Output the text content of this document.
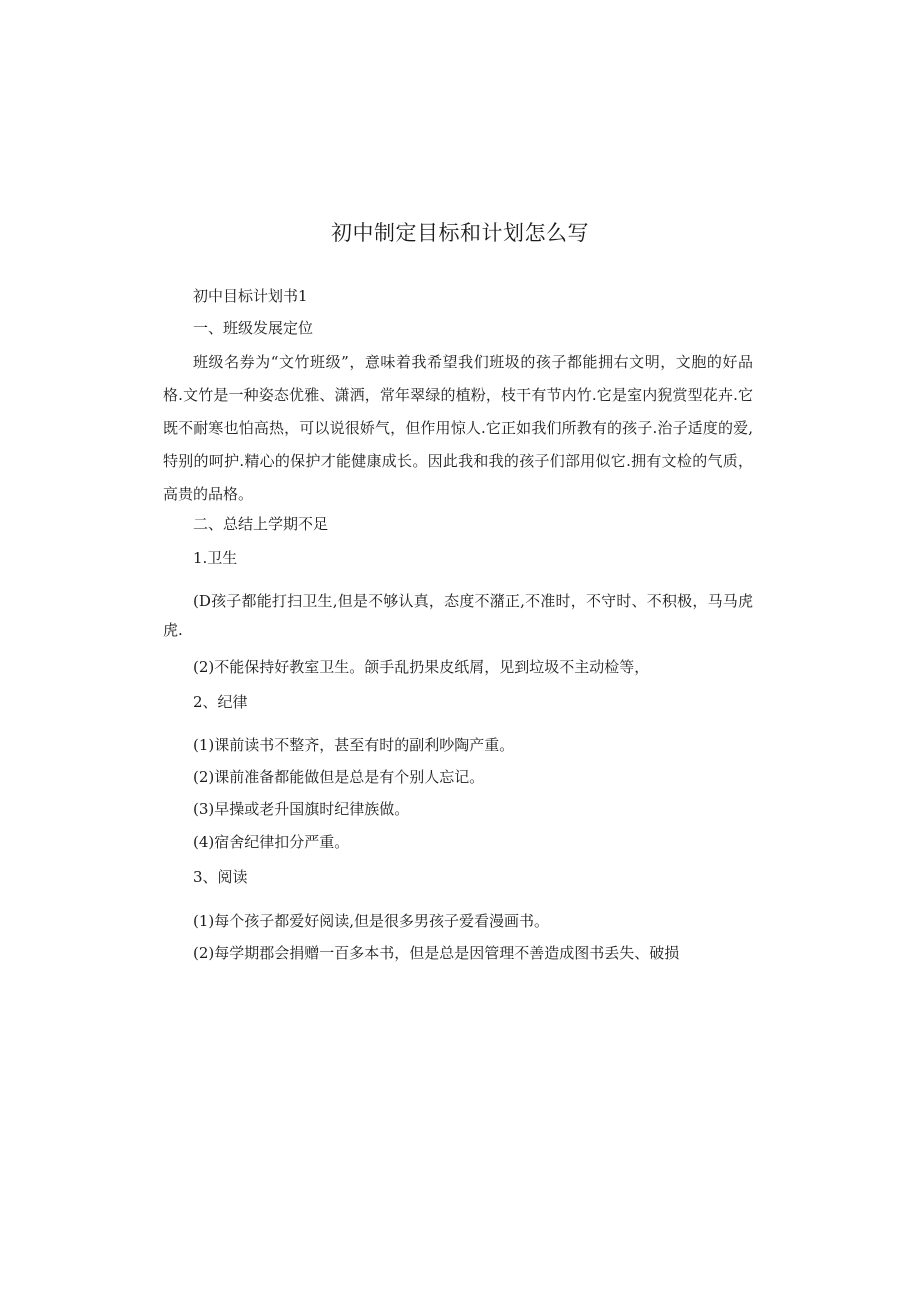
初中制定目标和计划怎么写
初中目标计划书1
一、班级发展定位
班级名券为“文竹班级”，意味着我希望我们班圾的孩子都能拥右文明，文胞的好品格.文竹是一种姿态优雅、潇洒，常年翠绿的植粉，枝干有节内竹.它是室内猊赏型花卉.它既不耐寒也怕高热，可以说很娇气，但作用惊人.它正如我们所教有的孩子.治子适度的爱,特别的呵护.精心的保护才能健康成长。因此我和我的孩子们部用似它.拥有文检的气质，高贵的品格。
二、总结上学期不足
1.卫生
(D孩子都能打扫卫生,但是不够认真，态度不潴正,不准时，不守时、不积极，马马虎虎.
(2)不能保持好教室卫生。颌手乱扔果皮纸屑，见到垃圾不主动检等，
2、纪律
(1)课前读书不整齐，甚至有时的副利吵陶产重。
(2)课前准备都能做但是总是有个别人忘记。
(3)早操或老升国旗时纪律族做。
(4)宿舍纪律扣分严重。
3、阅读
(1)每个孩子都爱好阅读,但是很多男孩子爱看漫画书。
(2)每学期郡会捐赠一百多本书，但是总是因管理不善造成图书丢失、破损
